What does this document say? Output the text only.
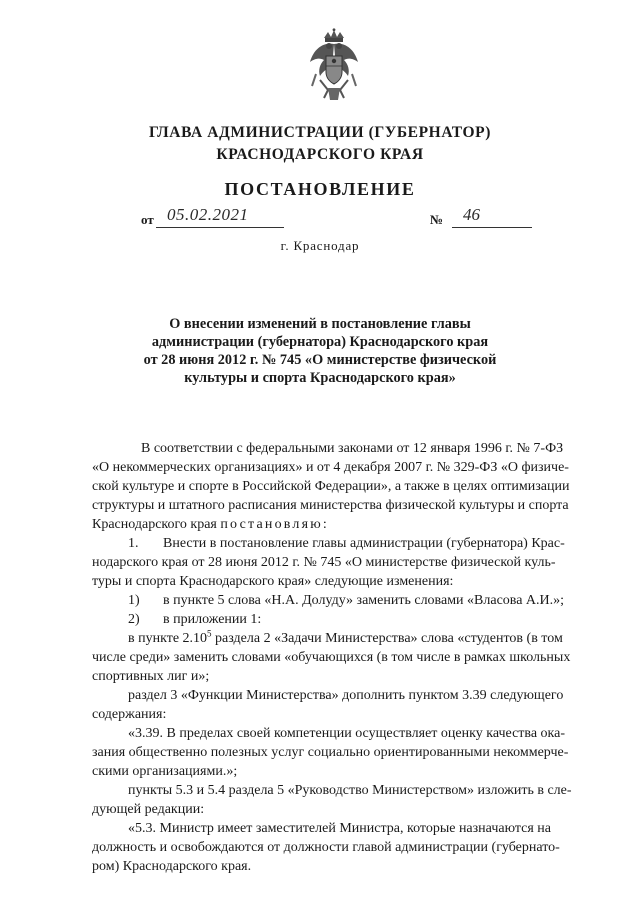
ГЛАВА АДМИНИСТРАЦИИ (ГУБЕРНАТОР)
КРАСНОДАРСКОГО КРАЯ
ПОСТАНОВЛЕНИЕ
от 05.02.2021	№ 46
г. Краснодар
О внесении изменений в постановление главы
администрации (губернатора) Краснодарского края
от 28 июня 2012 г. № 745 «О министерстве физической
культуры и спорта Краснодарского края»
В соответствии с федеральными законами от 12 января 1996 г. № 7-ФЗ
«О некоммерческих организациях» и от 4 декабря 2007 г. № 329-ФЗ «О физиче-
ской культуре и спорте в Российской Федерации», а также в целях оптимизации
структуры и штатного расписания министерства физической культуры и спорта
Краснодарского края постановляю:
1. Внести в постановление главы администрации (губернатора) Крас-
нодарского края от 28 июня 2012 г. № 745 «О министерстве физической куль-
туры и спорта Краснодарского края» следующие изменения:
1) в пункте 5 слова «Н.А. Долуду» заменить словами «Власова А.И.»;
2) в приложении 1:
в пункте 2.10$^5$ раздела 2 «Задачи Министерства» слова «студентов (в том
числе среди» заменить словами «обучающихся (в том числе в рамках школьных
спортивных лиг и»;
раздел 3 «Функции Министерства» дополнить пунктом 3.39 следующего
содержания:
«3.39. В пределах своей компетенции осуществляет оценку качества ока-
зания общественно полезных услуг социально ориентированными некоммерче-
скими организациями.»;
пункты 5.3 и 5.4 раздела 5 «Руководство Министерством» изложить в сле-
дующей редакции:
«5.3. Министр имеет заместителей Министра, которые назначаются на
должность и освобождаются от должности главой администрации (губернато-
ром) Краснодарского края.
